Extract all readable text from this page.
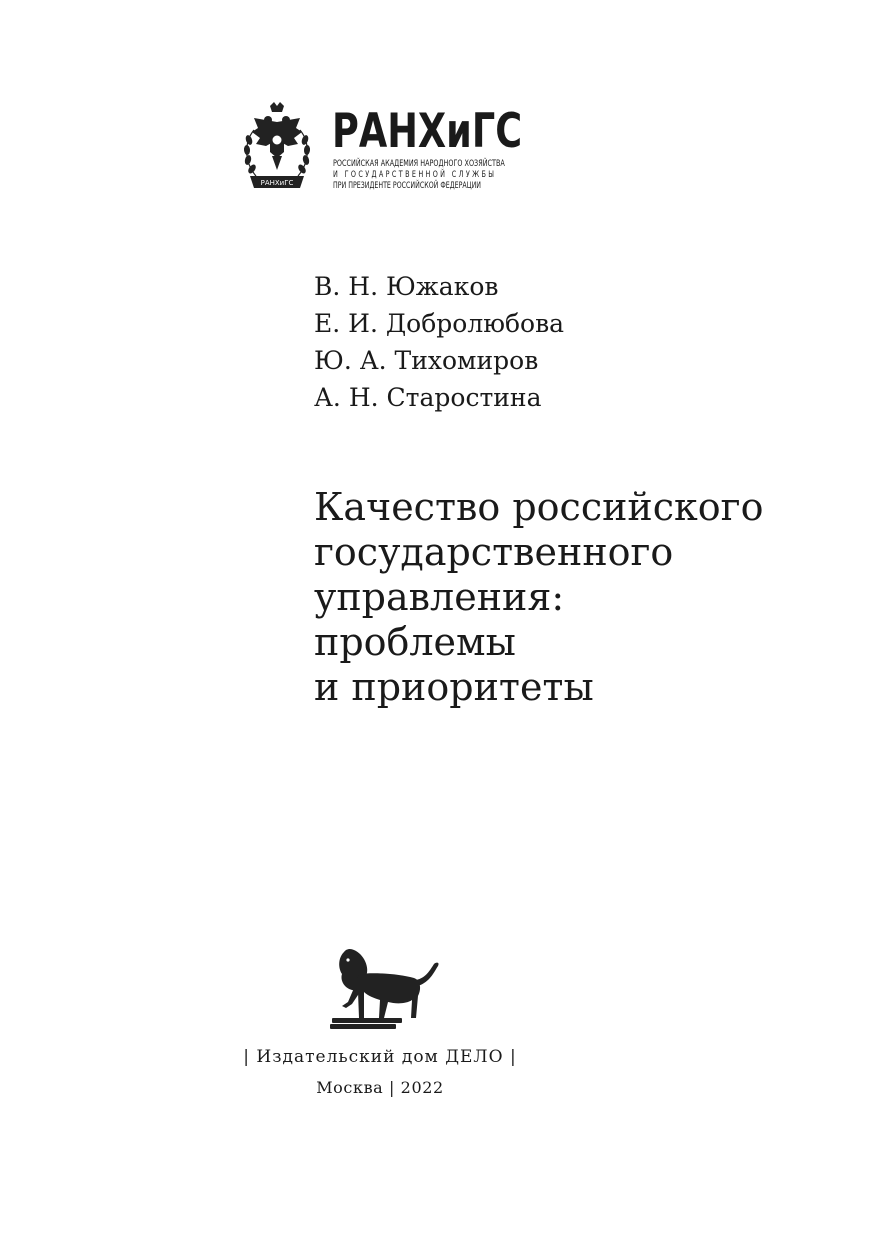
РАНХиГС
РАНХиГС
РОССИЙСКАЯ АКАДЕМИЯ НАРОДНОГО ХОЗЯЙСТВА
И ГОСУДАРСТВЕННОЙ СЛУЖБЫ
ПРИ ПРЕЗИДЕНТЕ РОССИЙСКОЙ ФЕДЕРАЦИИ
В. Н. Южаков
Е. И. Добролюбова
Ю. А. Тихомиров
А. Н. Старостина
Качество российского
государственного
управления:
проблемы
и приоритеты
| Издательский дом ДЕЛО |
Москва | 2022
